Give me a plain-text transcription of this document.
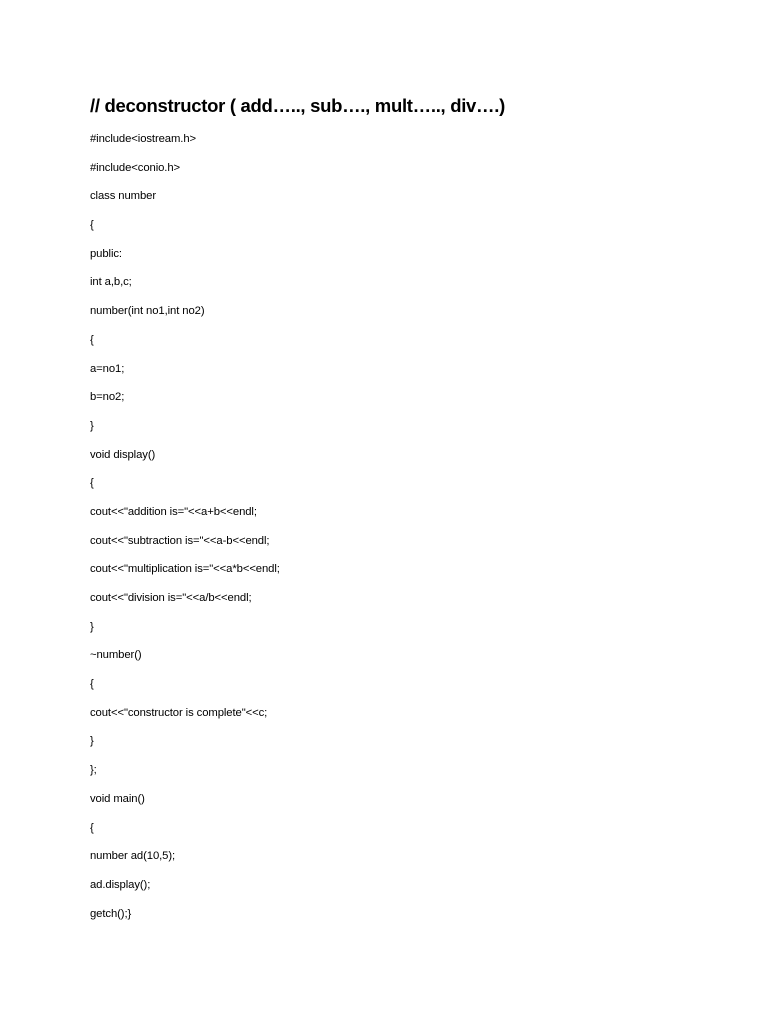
// deconstructor ( add….., sub…., mult….., div….)
#include<iostream.h>
#include<conio.h>
class number
{
public:
int a,b,c;
number(int no1,int no2)
{
a=no1;
b=no2;
}
void display()
{
cout<<"addition is="<<a+b<<endl;
cout<<"subtraction is="<<a-b<<endl;
cout<<"multiplication is="<<a*b<<endl;
cout<<"division is="<<a/b<<endl;
}
~number()
{
cout<<"constructor is complete"<<c;
}
};
void main()
{
number ad(10,5);
ad.display();
getch();}
